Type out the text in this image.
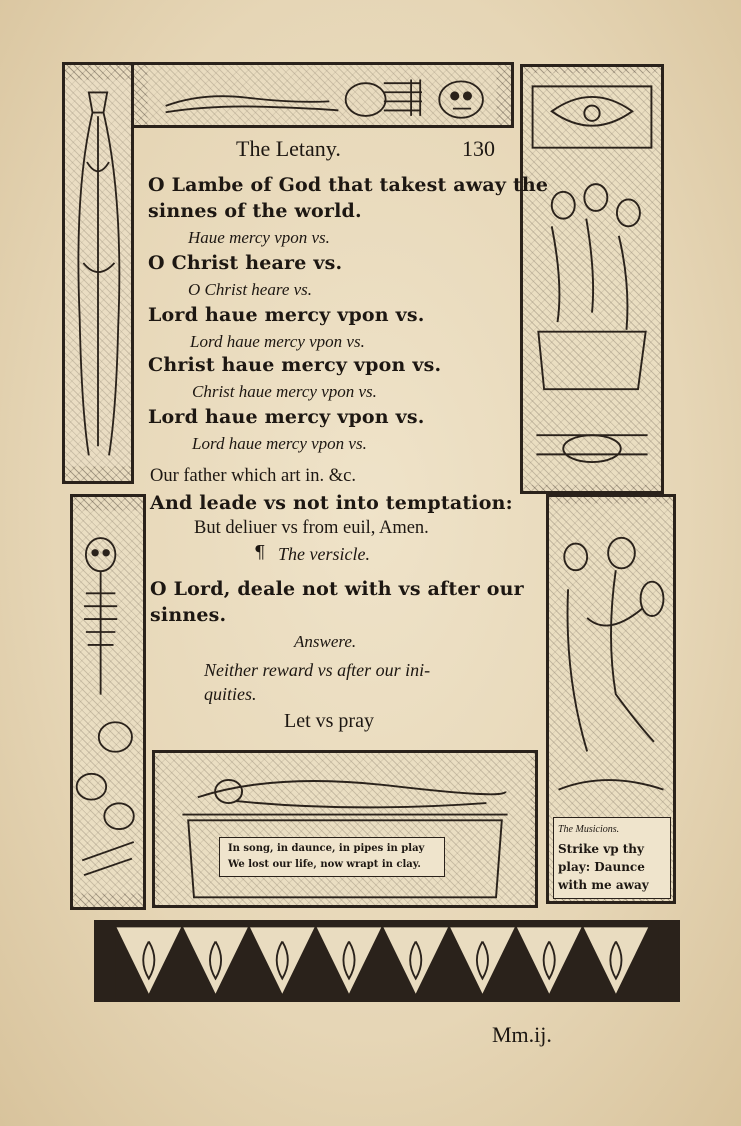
The Musicions.
Strike vp thy
play: Daunce
with me away
In song, in daunce, in pipes in play
We lost our life, now wrapt in clay.
The Letany.	130
O Lambe of God that takest away the
sinnes of the world.
Haue mercy vpon vs.
O Christ heare vs.
O Christ heare vs.
Lord haue mercy vpon vs.
Lord haue mercy vpon vs.
Christ haue mercy vpon vs.
Christ haue mercy vpon vs.
Lord haue mercy vpon vs.
Lord haue mercy vpon vs.
Our father which art in. &c.
And leade vs not into temptation:
But deliuer vs from euil, Amen.
¶ The versicle.
O Lord, deale not with vs after our
sinnes.
Answere.
Neither reward vs after our ini-
quities.
Let vs pray
Mm.ij.
